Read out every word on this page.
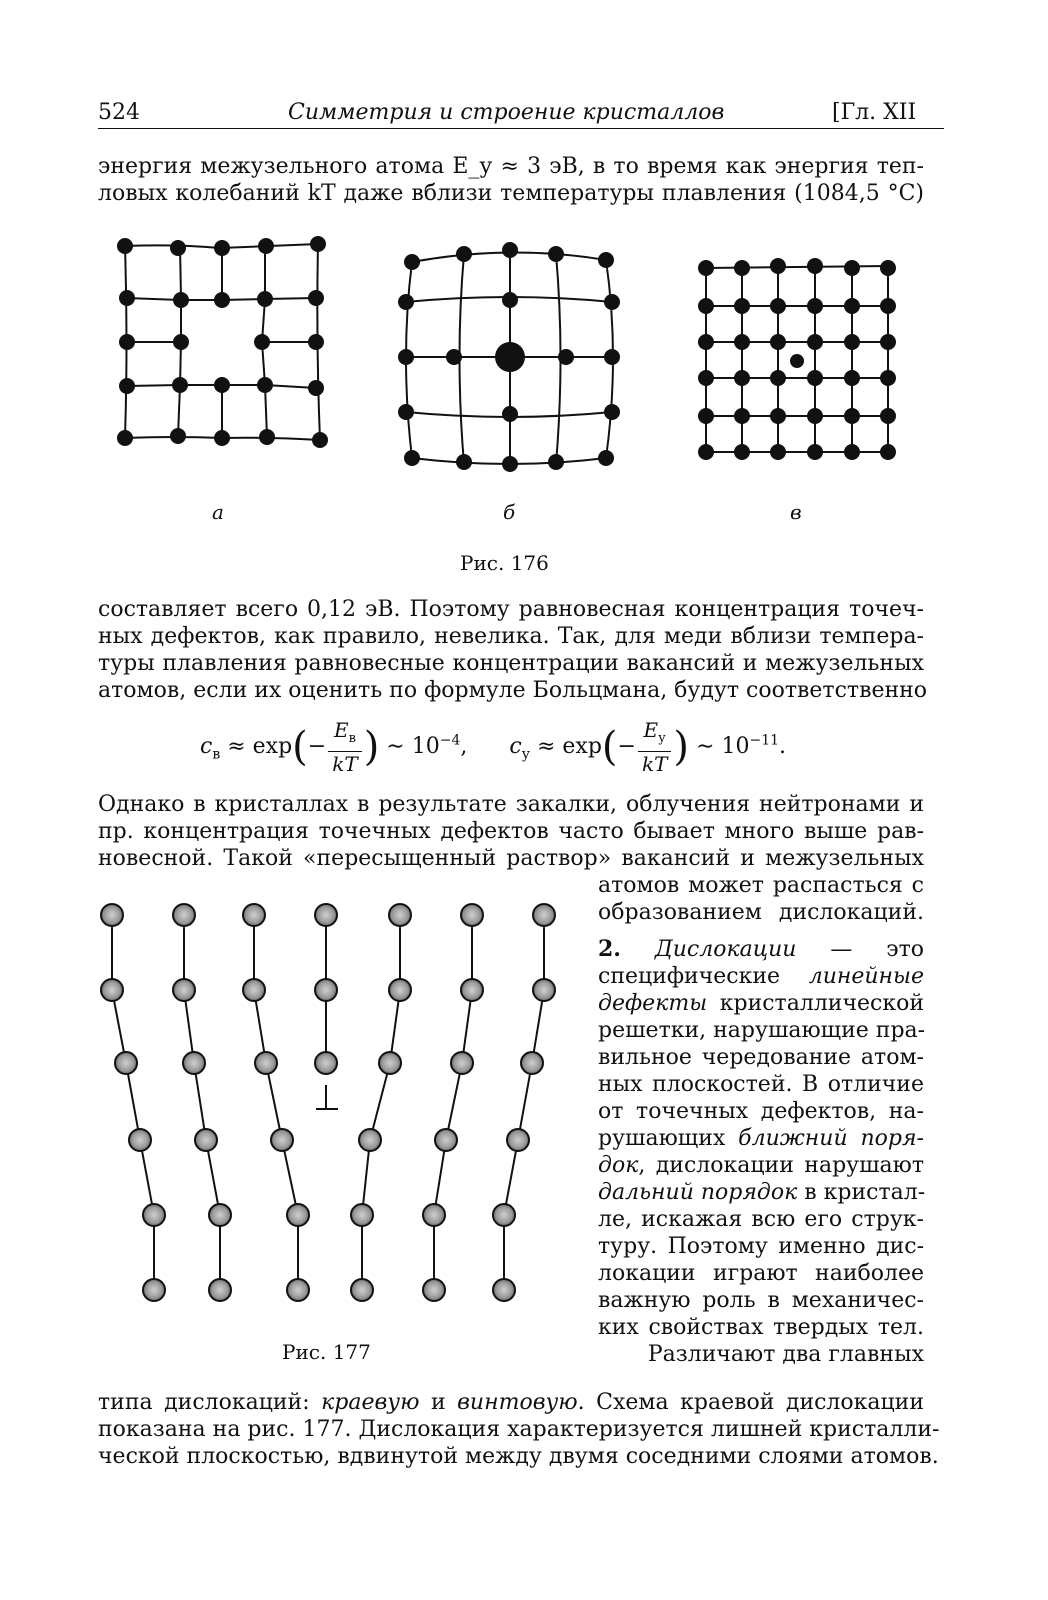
524	Симметрия и строение кристаллов	[Гл. XII
энергия межузельного атома E_у ≈ 3 эВ, в то время как энергия теп-
ловых колебаний kT даже вблизи температуры плавления (1084,5 °C)
а	б	в
Рис. 176
составляет всего 0,12 эВ. Поэтому равновесная концентрация точеч-
ных дефектов, как правило, невелика. Так, для меди вблизи темпера-
туры плавления равновесные концентрации вакансий и межузельных
атомов, если их оценить по формуле Больцмана, будут соответственно
$c_в \approx \exp(- \frac{E_в}{kT}$ ) ∼ $10^{-4}$, $c_у \approx \exp(- \frac{E_у}{kT}$ ) ∼ $10^{-11}$.
Однако в кристаллах в результате закалки, облучения нейтронами и
пр. концентрация точечных дефектов часто бывает много выше рав-
новесной. Такой «пересыщенный раствор» вакансий и межузельных
атомов может распасться с
образованием дислокаций.
2. Дислокации — это
специфические линейные
дефекты кристаллической
решетки, нарушающие пра-
вильное чередование атом-
ных плоскостей. В отличие
от точечных дефектов, на-
рушающих ближний поря-
док, дислокации нарушают
дальний порядок в кристал-
ле, искажая всю его струк-
туру. Поэтому именно дис-
локации играют наиболее
важную роль в механичес-
ких свойствах твердых тел.
Различают два главных
Рис. 177
типа дислокаций: краевую и винтовую. Схема краевой дислокации
показана на рис. 177. Дислокация характеризуется лишней кристалли-
ческой плоскостью, вдвинутой между двумя соседними слоями атомов.
